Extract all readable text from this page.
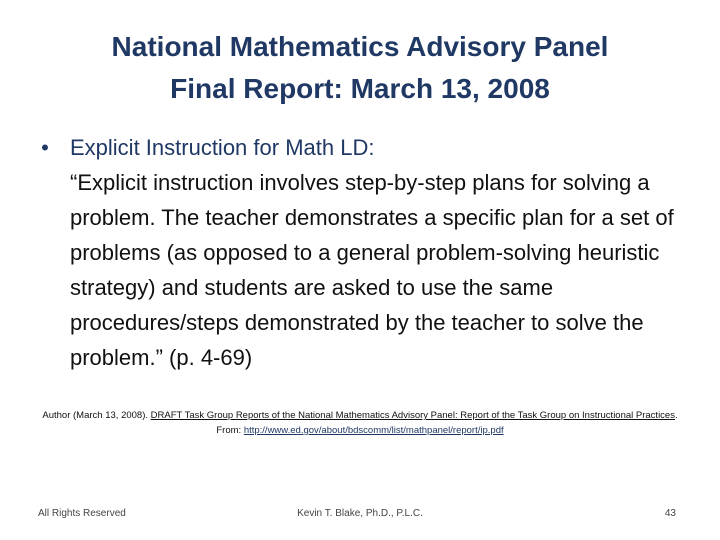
National Mathematics Advisory Panel
Final Report: March 13, 2008
• Explicit Instruction for Math LD:
“Explicit instruction involves step-by-step plans for solving a problem. The teacher demonstrates a specific plan for a set of problems (as opposed to a general problem-solving heuristic strategy) and students are asked to use the same procedures/steps demonstrated by the teacher to solve the problem.” (p. 4-69)
Author (March 13, 2008). DRAFT Task Group Reports of the National Mathematics Advisory Panel: Report of the Task Group on Instructional Practices. From: http://www.ed.gov/about/bdscomm/list/mathpanel/report/ip.pdf
All Rights Reserved	Kevin T. Blake, Ph.D., P.L.C.	43
